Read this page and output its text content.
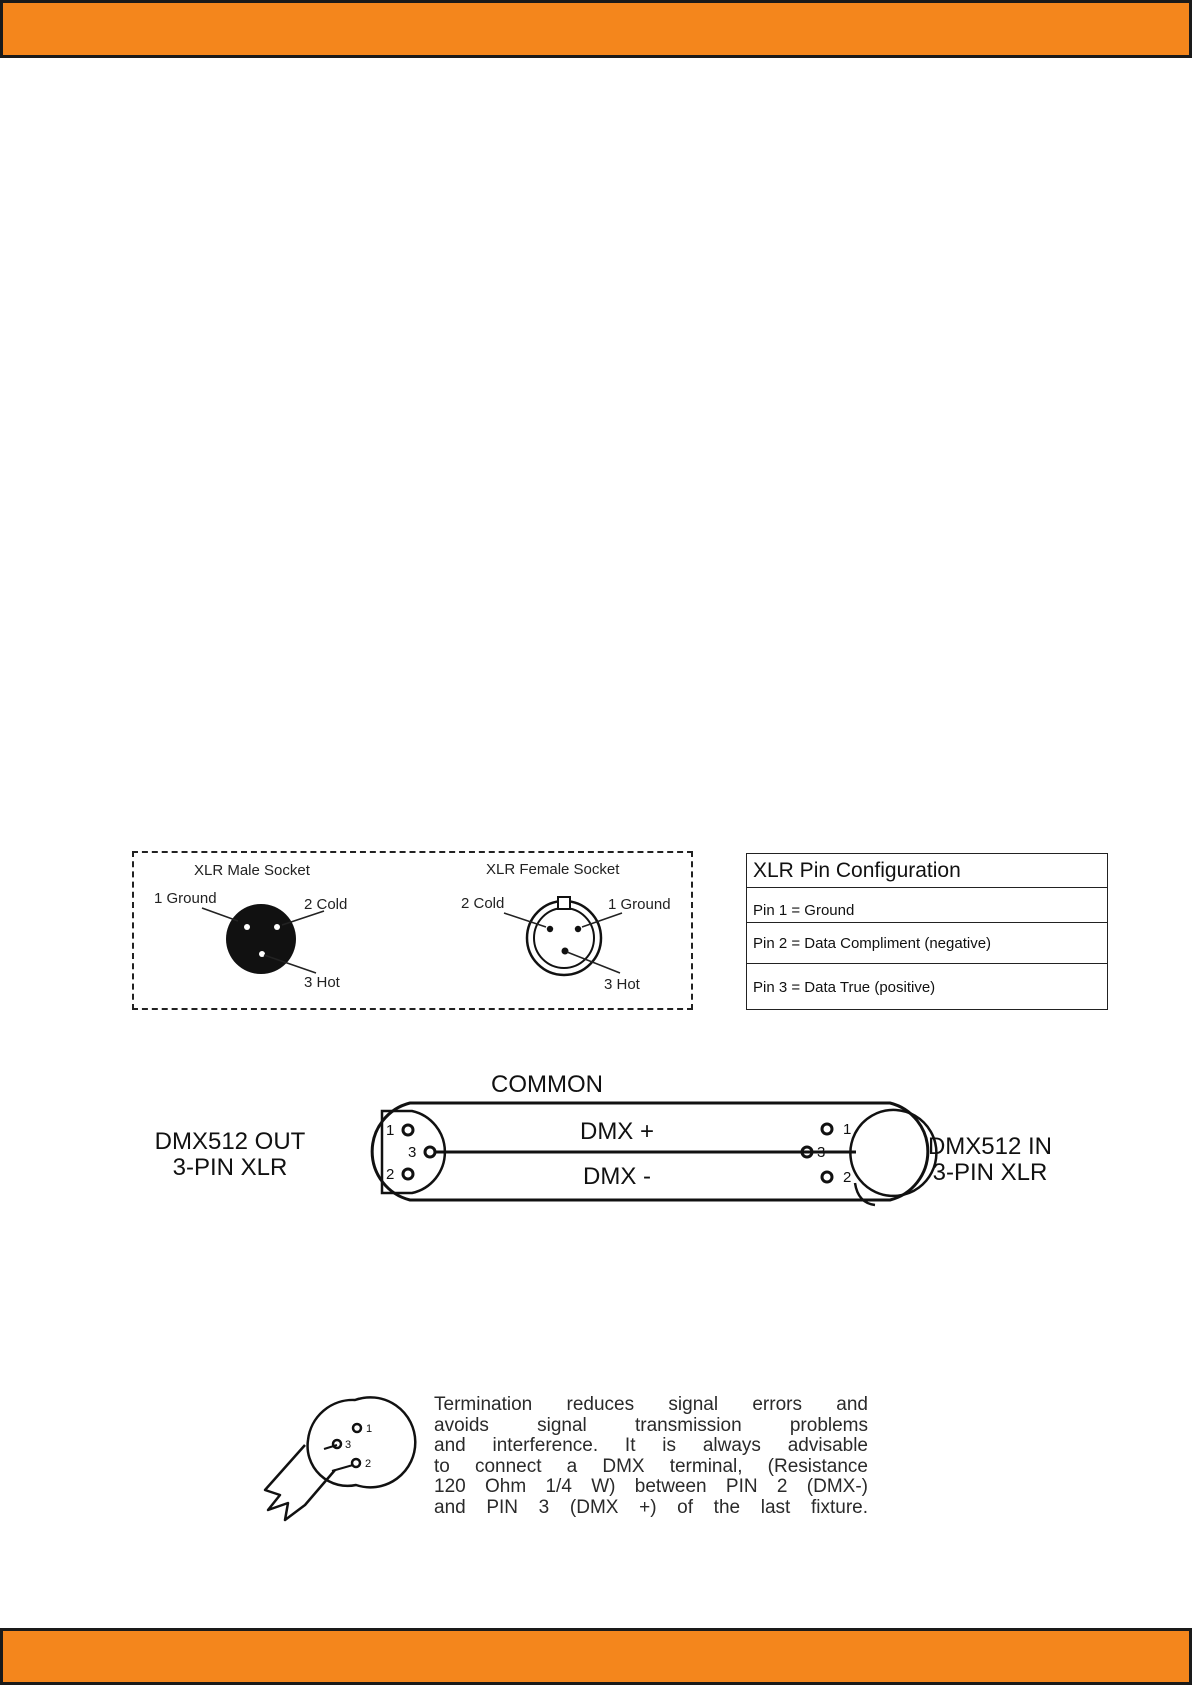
XLR Male Socket
1 Ground	2 Cold
3 Hot
XLR Female Socket
2 Cold	1 Ground
3 Hot
XLR Pin Configuration
Pin 1 = Ground
Pin 2 = Data Compliment (negative)
Pin 3 = Data True (positive)
COMMON
DMX +
DMX -
1
3
2
1
3
2
DMX512 OUT
3-PIN XLR
DMX512 IN
3-PIN XLR
1
3
2
Termination reduces signal errors and
avoids signal transmission problems
and interference. It is always advisable
to connect a DMX terminal, (Resistance
120 Ohm 1/4 W) between PIN 2 (DMX-)
and PIN 3 (DMX +) of the last fixture.
